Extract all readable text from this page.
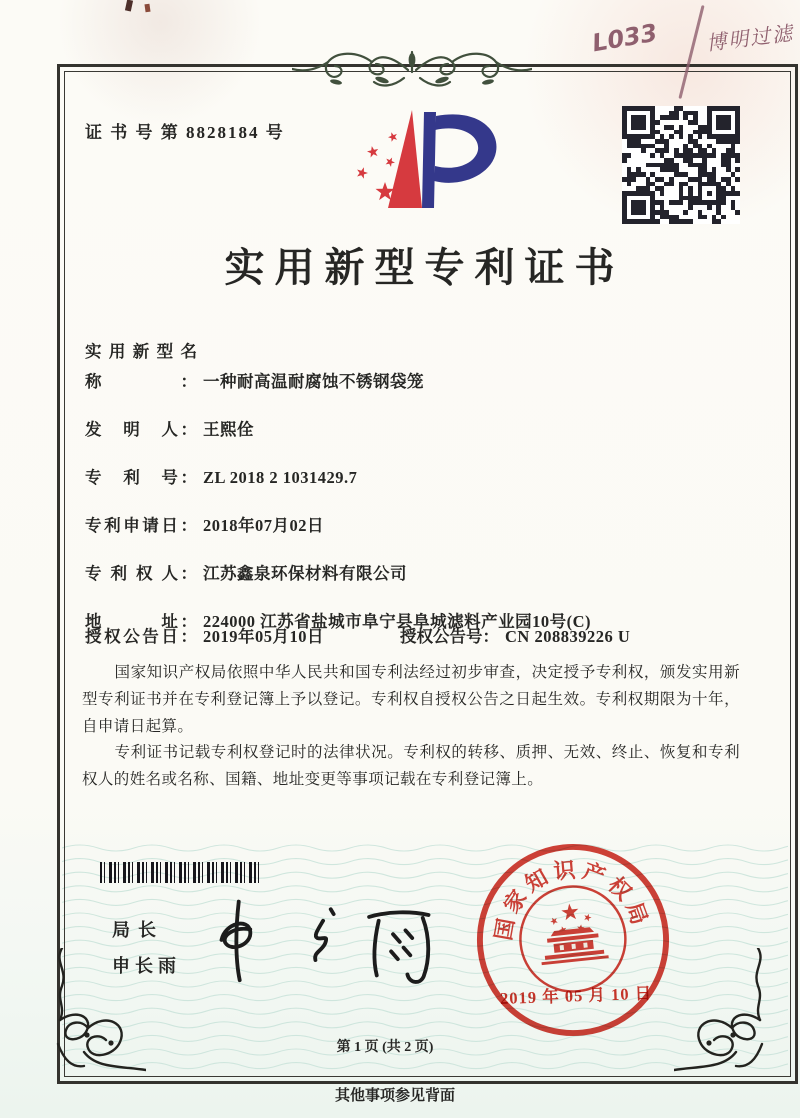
L033 博明过滤
证 书 号 第 8828184 号
实用新型专利证书
实用新型名称 ： 一种耐高温耐腐蚀不锈钢袋笼
发　明　人 ： 王熙佺
专　利　号 ： ZL 2018 2 1031429.7
专利申请日 ： 2018年07月02日
专 利 权 人 ： 江苏鑫泉环保材料有限公司
地　　　址 ： 224000 江苏省盐城市阜宁县阜城滤料产业园10号(C)
授权公告日 ： 2019年05月10日	授权公告号 ： CN 208839226 U

国家知识产权局依照中华人民共和国专利法经过初步审查，决定授予专利权，颁发实用新型专利证书并在专利登记簿上予以登记。专利权自授权公告之日起生效。专利权期限为十年，自申请日起算。

专利证书记载专利权登记时的法律状况。专利权的转移、质押、无效、终止、恢复和专利权人的姓名或名称、国籍、地址变更等事项记载在专利登记簿上。

局长
申长雨
国家知识产权局
2019 年 05 月 10 日
第 1 页 (共 2 页)
其他事项参见背面
